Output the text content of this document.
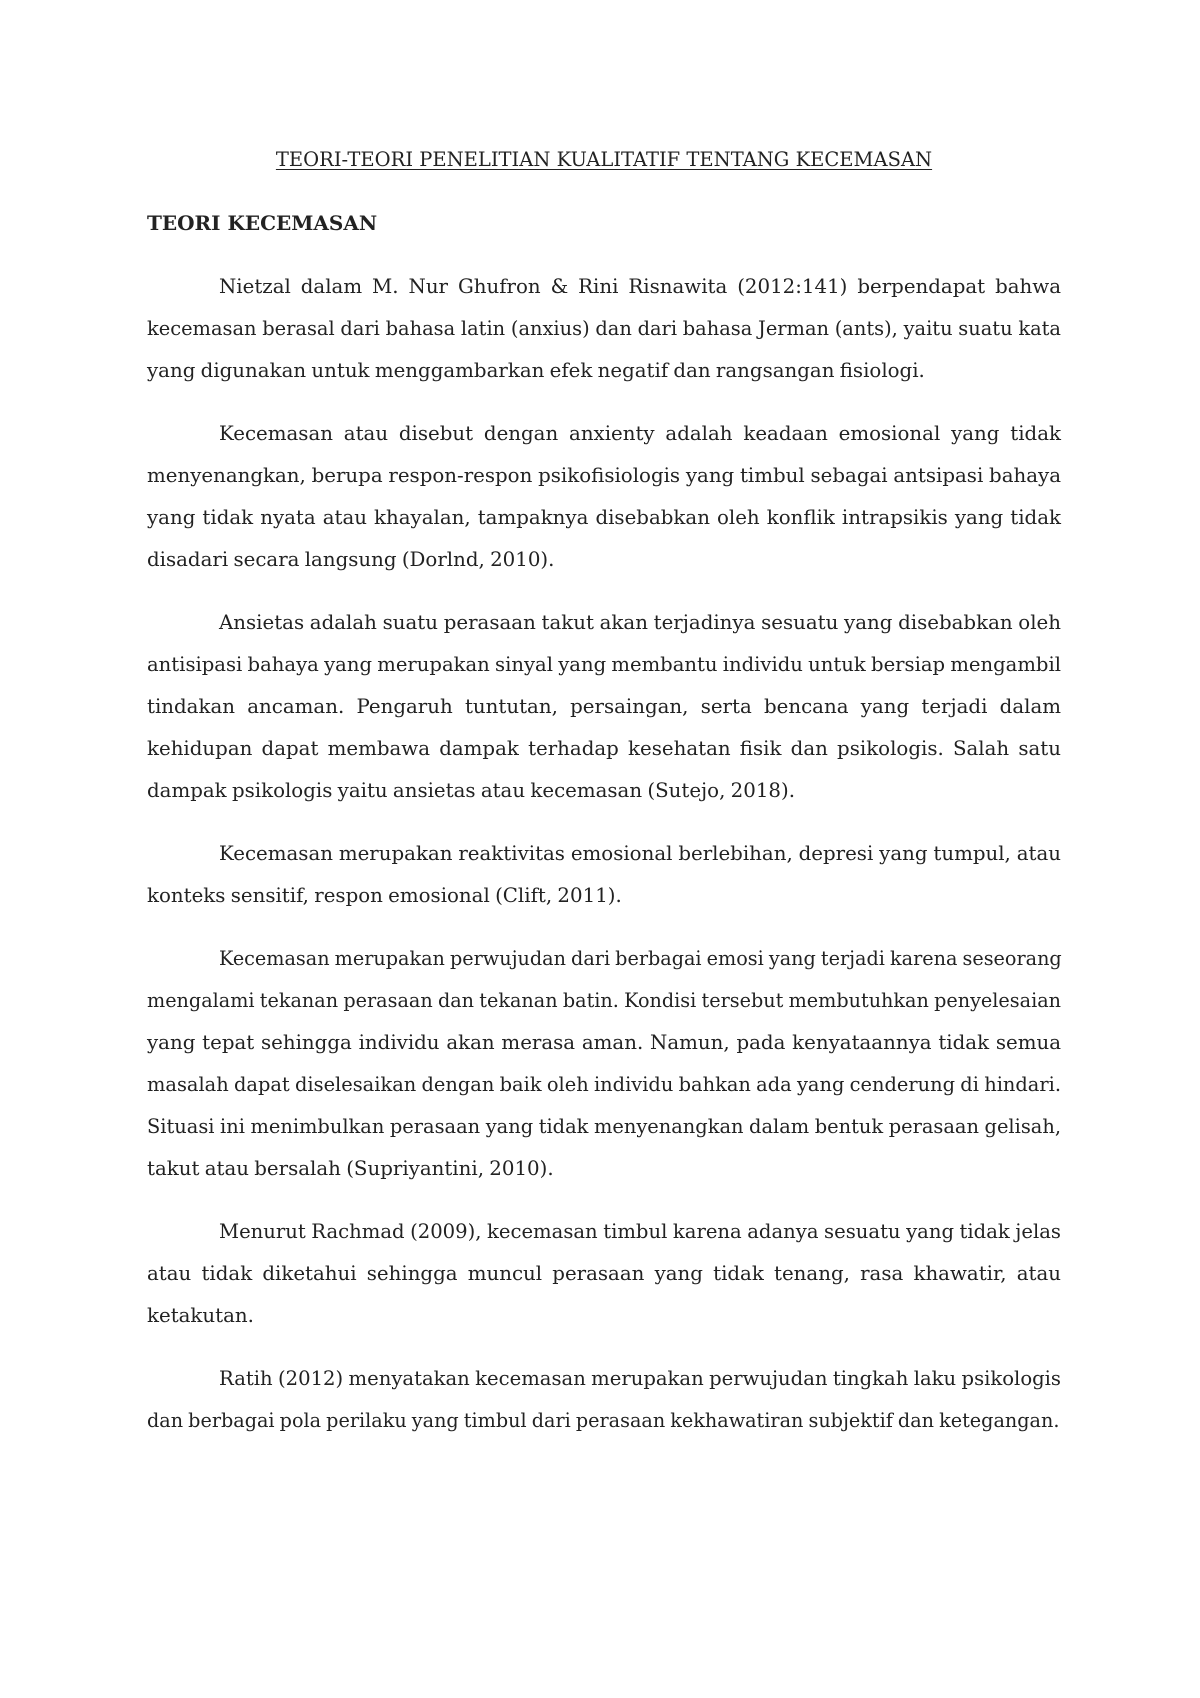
TEORI-TEORI PENELITIAN KUALITATIF TENTANG KECEMASAN
TEORI KECEMASAN

Nietzal dalam M. Nur Ghufron & Rini Risnawita (2012:141) berpendapat bahwa
kecemasan berasal dari bahasa latin (anxius) dan dari bahasa Jerman (ants), yaitu suatu kata
yang digunakan untuk menggambarkan efek negatif dan rangsangan fisiologi.

Kecemasan atau disebut dengan anxienty adalah keadaan emosional yang tidak
menyenangkan, berupa respon-respon psikofisiologis yang timbul sebagai antsipasi bahaya
yang tidak nyata atau khayalan, tampaknya disebabkan oleh konflik intrapsikis yang tidak
disadari secara langsung (Dorlnd, 2010).

Ansietas adalah suatu perasaan takut akan terjadinya sesuatu yang disebabkan oleh
antisipasi bahaya yang merupakan sinyal yang membantu individu untuk bersiap mengambil
tindakan ancaman. Pengaruh tuntutan, persaingan, serta bencana yang terjadi dalam
kehidupan dapat membawa dampak terhadap kesehatan fisik dan psikologis. Salah satu
dampak psikologis yaitu ansietas atau kecemasan (Sutejo, 2018).

Kecemasan merupakan reaktivitas emosional berlebihan, depresi yang tumpul, atau
konteks sensitif, respon emosional (Clift, 2011).

Kecemasan merupakan perwujudan dari berbagai emosi yang terjadi karena seseorang
mengalami tekanan perasaan dan tekanan batin. Kondisi tersebut membutuhkan penyelesaian
yang tepat sehingga individu akan merasa aman. Namun, pada kenyataannya tidak semua
masalah dapat diselesaikan dengan baik oleh individu bahkan ada yang cenderung di hindari.
Situasi ini menimbulkan perasaan yang tidak menyenangkan dalam bentuk perasaan gelisah,
takut atau bersalah (Supriyantini, 2010).

Menurut Rachmad (2009), kecemasan timbul karena adanya sesuatu yang tidak jelas
atau tidak diketahui sehingga muncul perasaan yang tidak tenang, rasa khawatir, atau
ketakutan.

Ratih (2012) menyatakan kecemasan merupakan perwujudan tingkah laku psikologis
dan berbagai pola perilaku yang timbul dari perasaan kekhawatiran subjektif dan ketegangan.
